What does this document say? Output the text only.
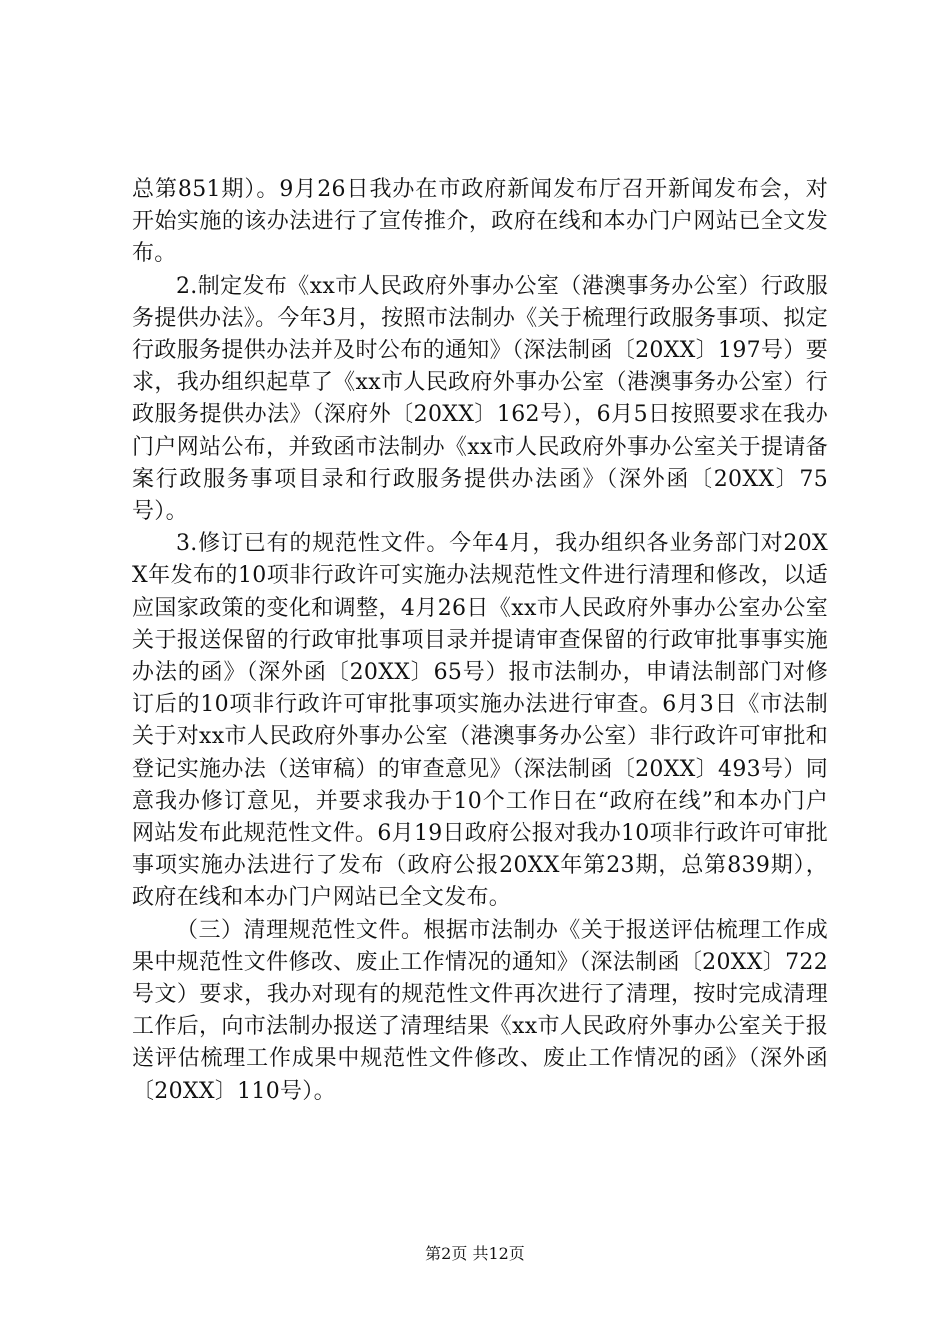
总第851期）。9月26日我办在市政府新闻发布厅召开新闻发布会，对开始实施的该办法进行了宣传推介，政府在线和本办门户网站已全文发布。

2.制定发布《xx市人民政府外事办公室（港澳事务办公室）行政服务提供办法》。今年3月，按照市法制办《关于梳理行政服务事项、拟定行政服务提供办法并及时公布的通知》（深法制函〔20XX〕197号）要求，我办组织起草了《xx市人民政府外事办公室（港澳事务办公室）行政服务提供办法》（深府外〔20XX〕162号），6月5日按照要求在我办门户网站公布，并致函市法制办《xx市人民政府外事办公室关于提请备案行政服务事项目录和行政服务提供办法函》（深外函〔20XX〕75号）。

3.修订已有的规范性文件。今年4月，我办组织各业务部门对20XX年发布的10项非行政许可实施办法规范性文件进行清理和修改，以适应国家政策的变化和调整，4月26日《xx市人民政府外事办公室办公室关于报送保留的行政审批事项目录并提请审查保留的行政审批事事实施办法的函》（深外函〔20XX〕65号）报市法制办，申请法制部门对修订后的10项非行政许可审批事项实施办法进行审查。6月3日《市法制关于对xx市人民政府外事办公室（港澳事务办公室）非行政许可审批和登记实施办法（送审稿）的审查意见》（深法制函〔20XX〕493号）同意我办修订意见，并要求我办于10个工作日在“政府在线”和本办门户网站发布此规范性文件。6月19日政府公报对我办10项非行政许可审批事项实施办法进行了发布（政府公报20XX年第23期，总第839期），政府在线和本办门户网站已全文发布。

（三）清理规范性文件。根据市法制办《关于报送评估梳理工作成果中规范性文件修改、废止工作情况的通知》（深法制函〔20XX〕722号文）要求，我办对现有的规范性文件再次进行了清理，按时完成清理工作后，向市法制办报送了清理结果《xx市人民政府外事办公室关于报送评估梳理工作成果中规范性文件修改、废止工作情况的函》（深外函〔20XX〕110号）。

第2页 共12页
